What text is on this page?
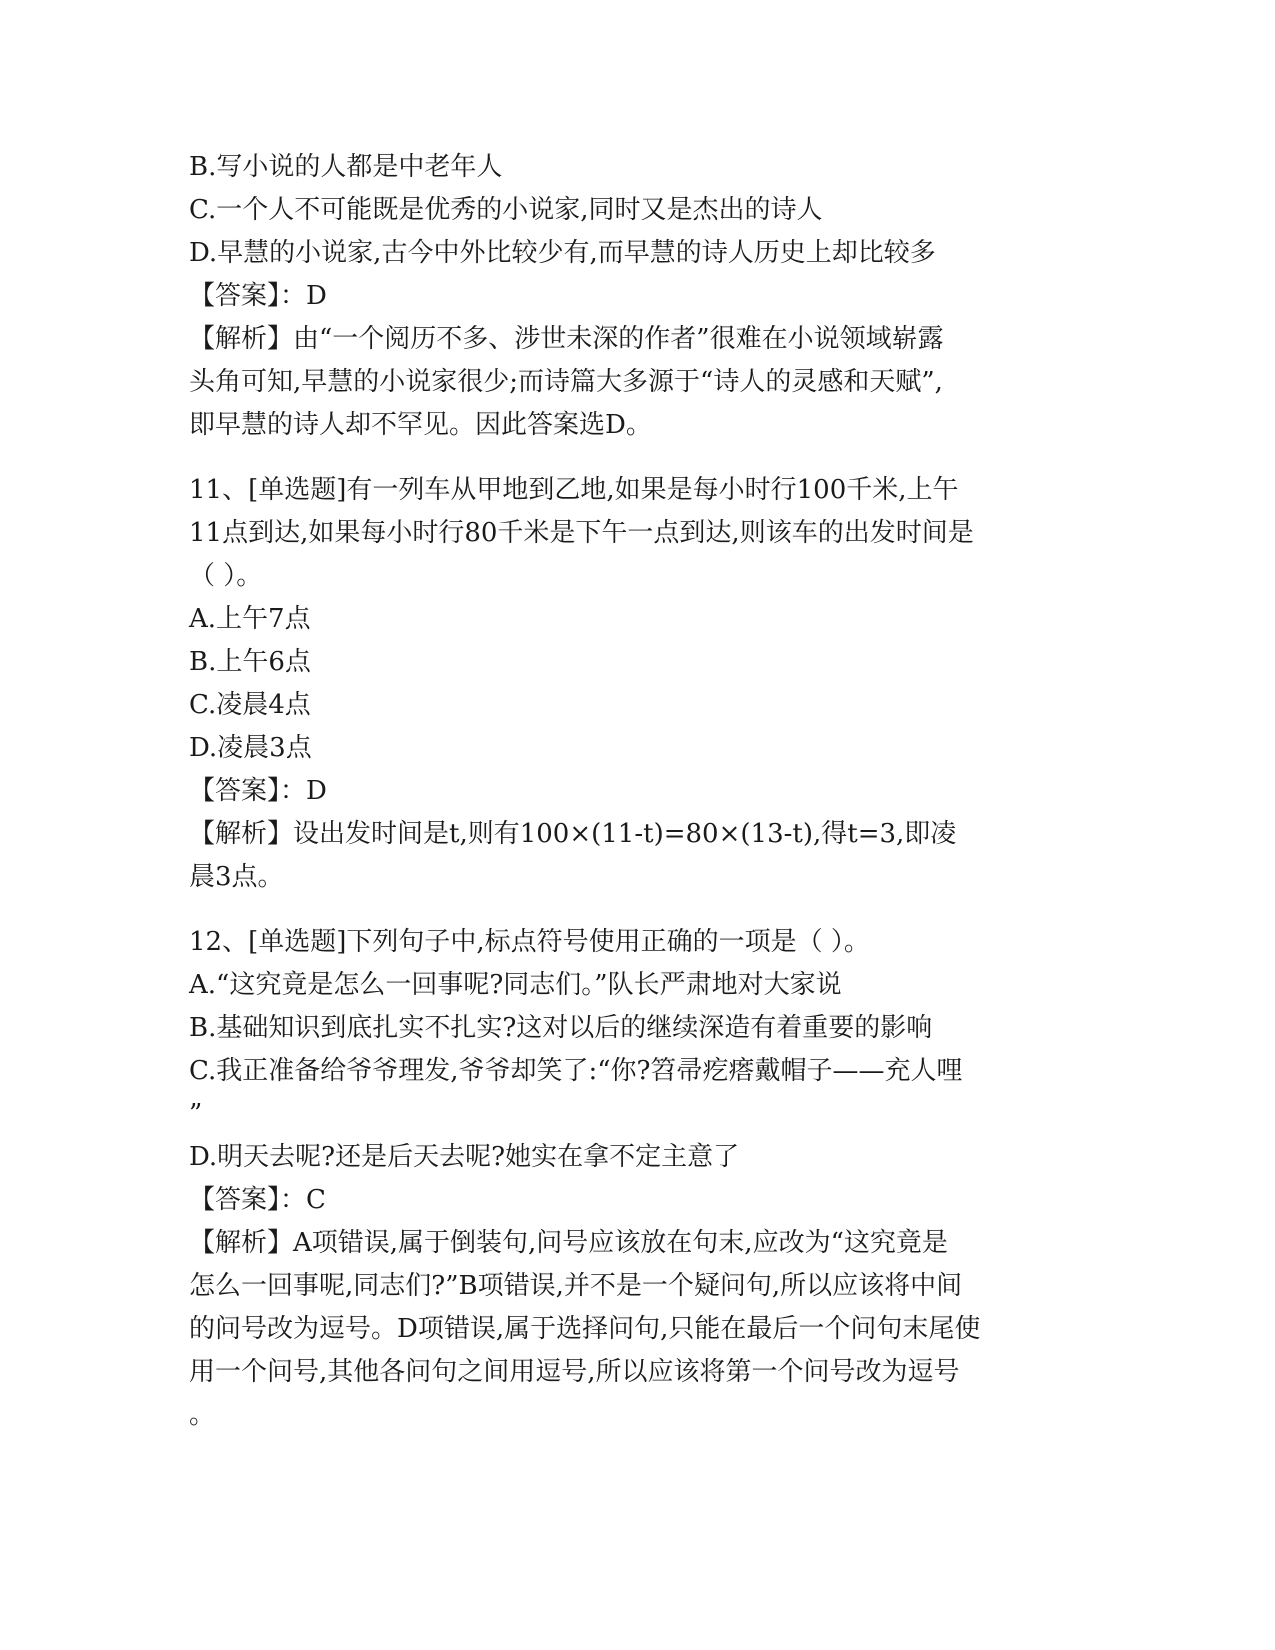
B.写小说的人都是中老年人
C.一个人不可能既是优秀的小说家,同时又是杰出的诗人
D.早慧的小说家,古今中外比较少有,而早慧的诗人历史上却比较多
【答案】：D
【解析】由“一个阅历不多、涉世未深的作者”很难在小说领域崭露
头角可知,早慧的小说家很少;而诗篇大多源于“诗人的灵感和天赋”,
即早慧的诗人却不罕见。因此答案选D。
11、[单选题]有一列车从甲地到乙地,如果是每小时行100千米,上午
11点到达,如果每小时行80千米是下午一点到达,则该车的出发时间是
（ ）。
A.上午7点
B.上午6点
C.凌晨4点
D.凌晨3点
【答案】：D
【解析】设出发时间是t,则有100×(11-t)=80×(13-t),得t=3,即凌
晨3点。
12、[单选题]下列句子中,标点符号使用正确的一项是（ ）。
A.“这究竟是怎么一回事呢?同志们。”队长严肃地对大家说
B.基础知识到底扎实不扎实?这对以后的继续深造有着重要的影响
C.我正准备给爷爷理发,爷爷却笑了:“你?笤帚疙瘩戴帽子——充人哩
”
D.明天去呢?还是后天去呢?她实在拿不定主意了
【答案】：C
【解析】A项错误,属于倒装句,问号应该放在句末,应改为“这究竟是
怎么一回事呢,同志们?”B项错误,并不是一个疑问句,所以应该将中间
的问号改为逗号。D项错误,属于选择问句,只能在最后一个问句末尾使
用一个问号,其他各问句之间用逗号,所以应该将第一个问号改为逗号
。
